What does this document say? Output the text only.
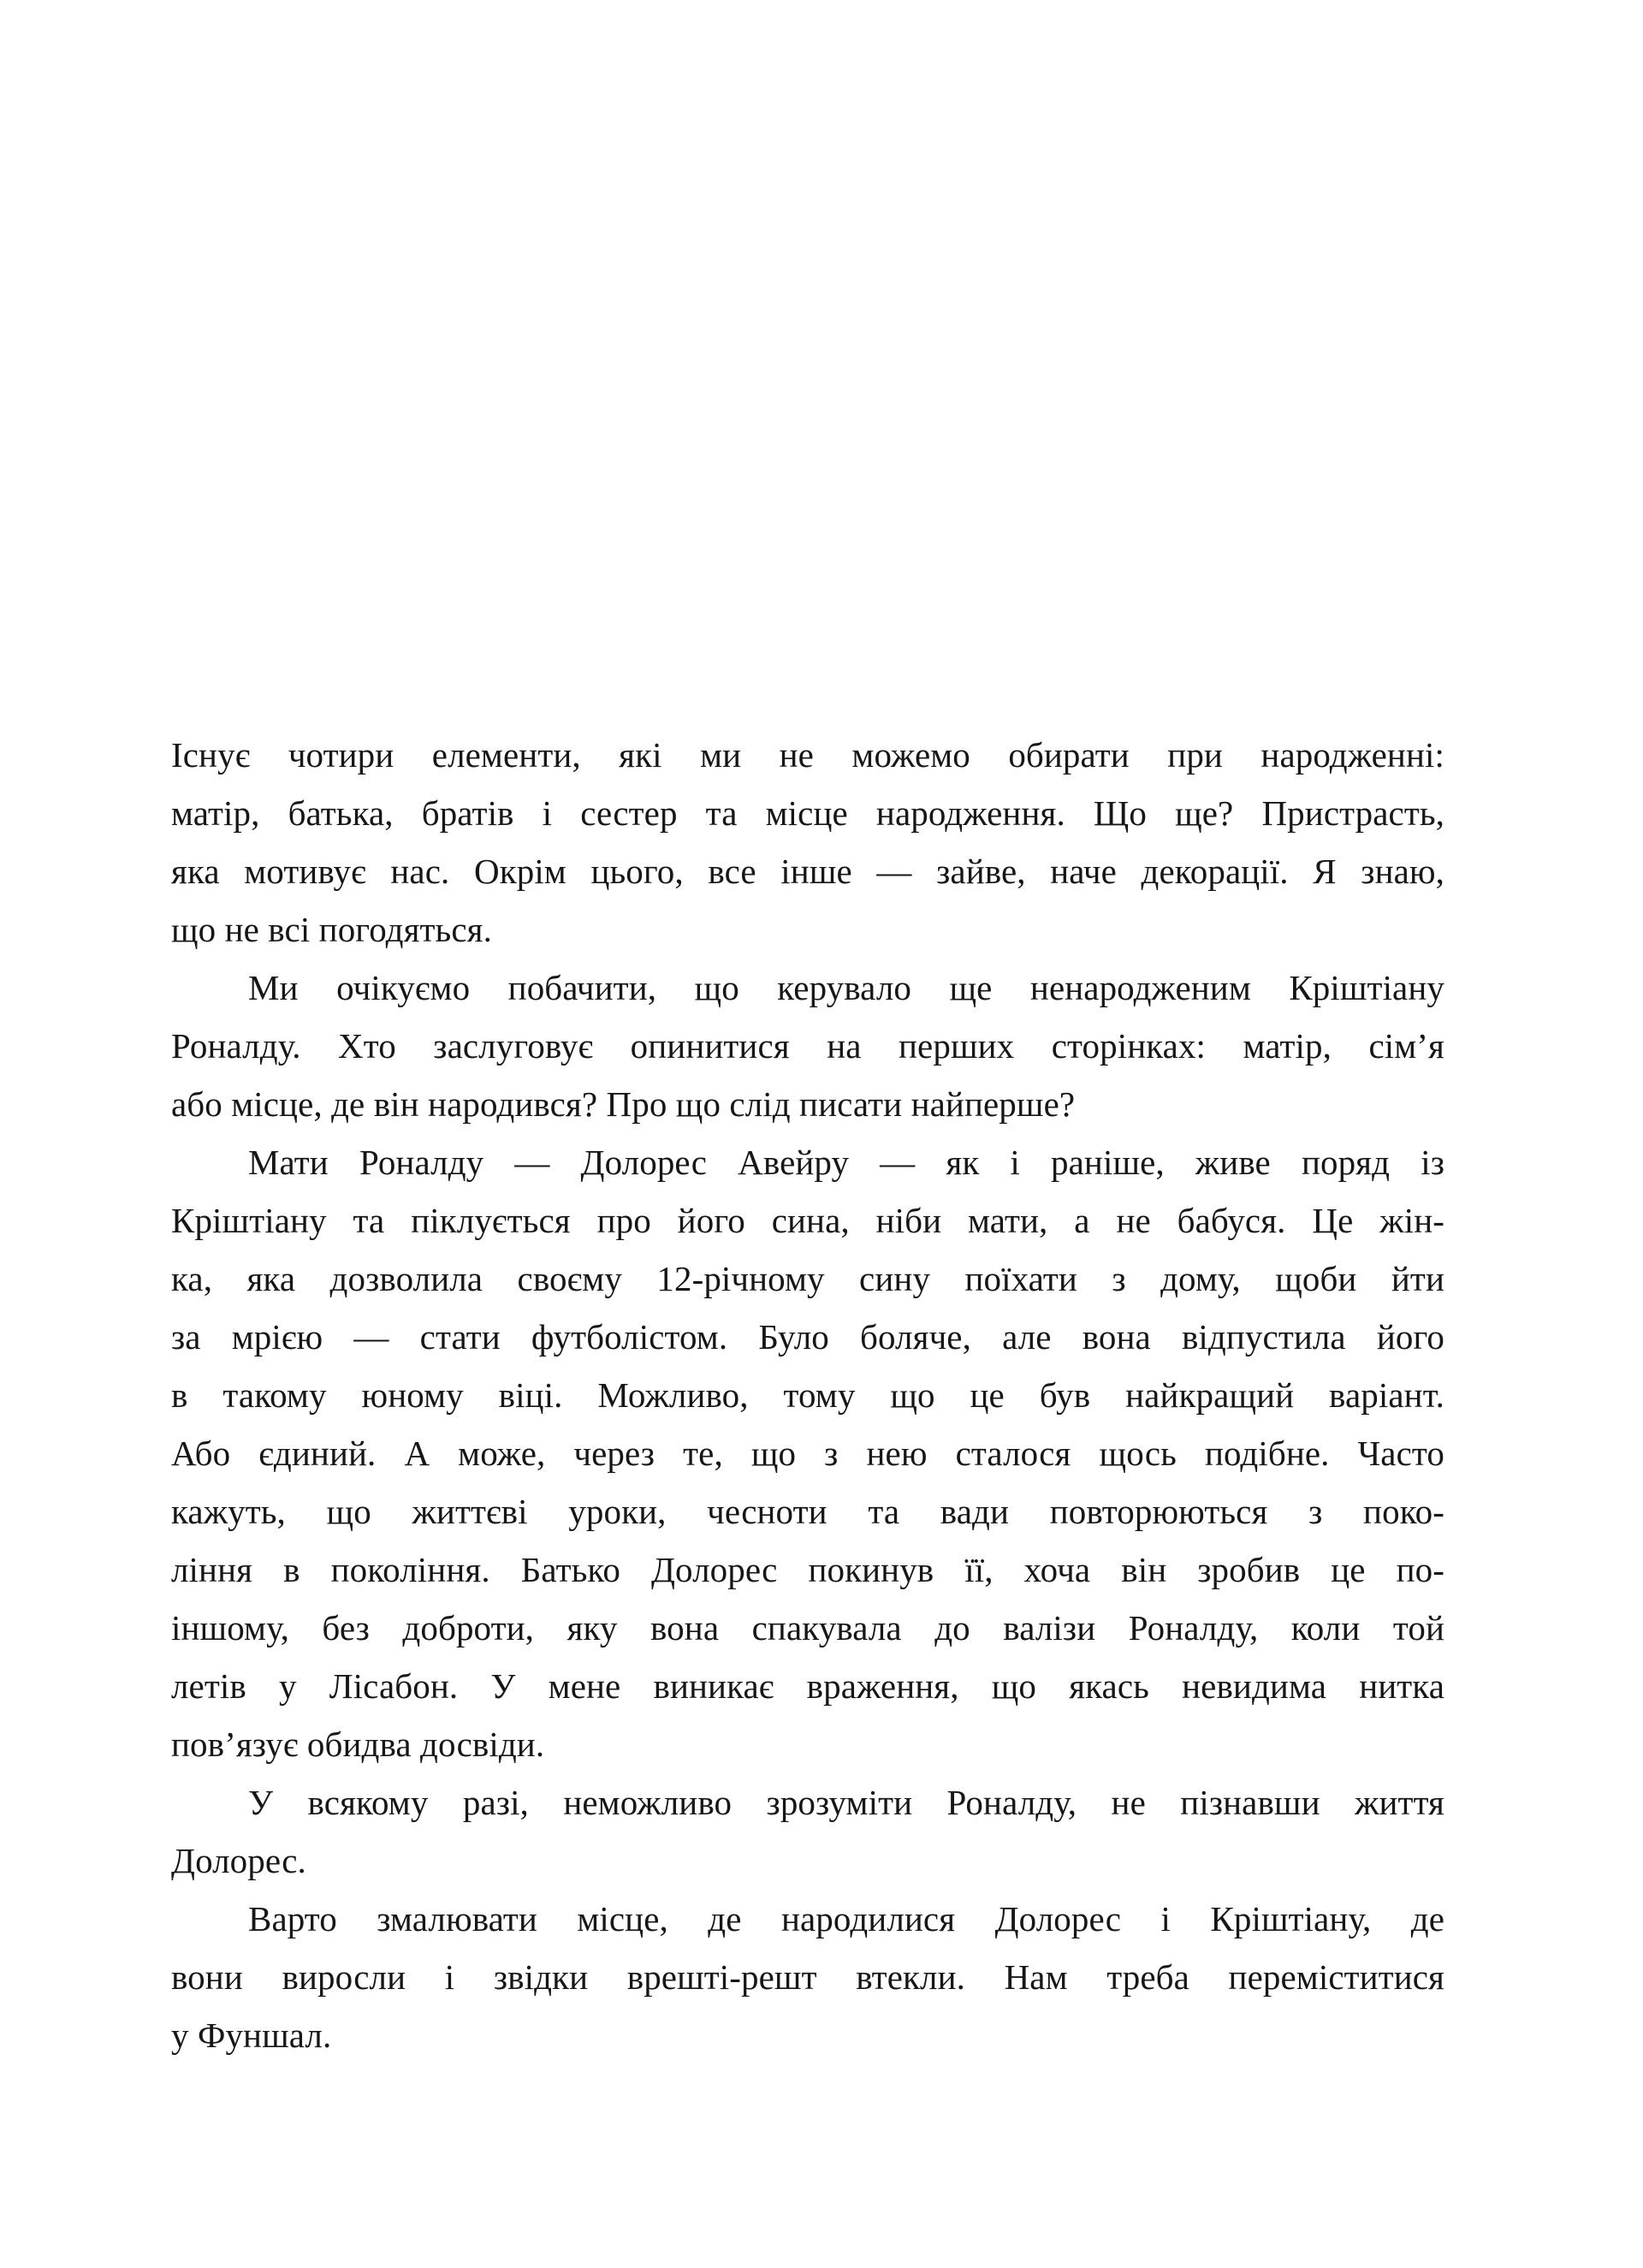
Існує чотири елементи, які ми не можемо обирати при народженні:
матір, батька, братів і сестер та місце народження. Що ще? Пристрасть,
яка мотивує нас. Окрім цього, все інше — зайве, наче декорації. Я знаю,
що не всі погодяться.
Ми очікуємо побачити, що керувало ще ненародженим Кріштіану
Роналду. Хто заслуговує опинитися на перших сторінках: матір, сім’я
або місце, де він народився? Про що слід писати найперше?
Мати Роналду — Долорес Авейру — як і раніше, живе поряд із
Кріштіану та піклується про його сина, ніби мати, а не бабуся. Це жін-
ка, яка дозволила своєму 12-річному сину поїхати з дому, щоби йти
за мрією — стати футболістом. Було боляче, але вона відпустила його
в такому юному віці. Можливо, тому що це був найкращий варіант.
Або єдиний. А може, через те, що з нею сталося щось подібне. Часто
кажуть, що життєві уроки, чесноти та вади повторюються з поко-
ління в покоління. Батько Долорес покинув її, хоча він зробив це по-
іншому, без доброти, яку вона спакувала до валізи Роналду, коли той
летів у Лісабон. У мене виникає враження, що якась невидима нитка
пов’язує обидва досвіди.
У всякому разі, неможливо зрозуміти Роналду, не пізнавши життя
Долорес.
Варто змалювати місце, де народилися Долорес і Кріштіану, де
вони виросли і звідки врешті-решт втекли. Нам треба переміститися
у Фуншал.
